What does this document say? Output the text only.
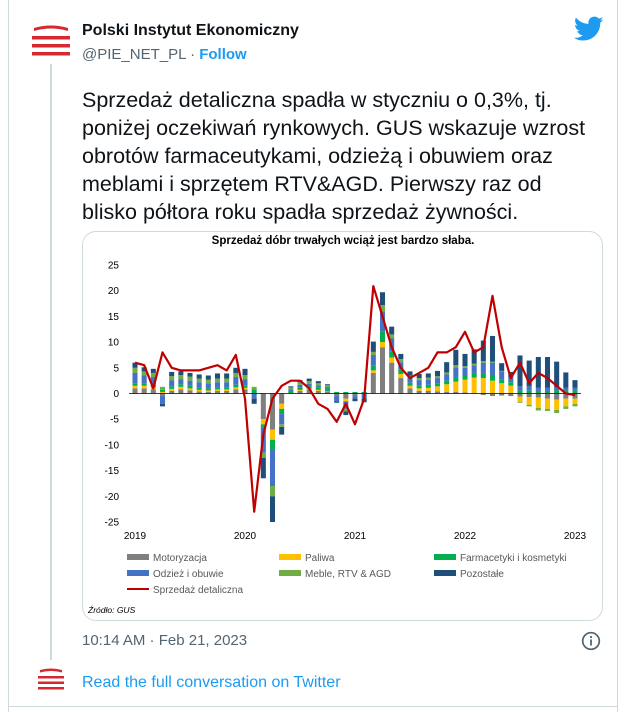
Polski Instytut Ekonomiczny
@PIE_NET_PL · Follow
Sprzedaż detaliczna spadła w styczniu o 0,3%, tj.
poniżej oczekiwań rynkowych. GUS wskazuje wzrost
obrotów farmaceutykami, odzieżą i obuwiem oraz
meblami i sprzętem RTV&AGD. Pierwszy raz od
blisko półtora roku spadła sprzedaż żywności.
Sprzedaż dóbr trwałych wciąż jest bardzo słaba.
Źródło: GUS
25
20
15
10
5
0
-5
-10
-15
-20
-25
2019	2020	2021	2022	2023
Motoryzacja	Paliwa	Farmacetyki i kosmetyki
Odzież i obuwie	Meble, RTV & AGD	Pozostałe
Sprzedaż detaliczna
10:14 AM · Feb 21, 2023
Read the full conversation on Twitter
